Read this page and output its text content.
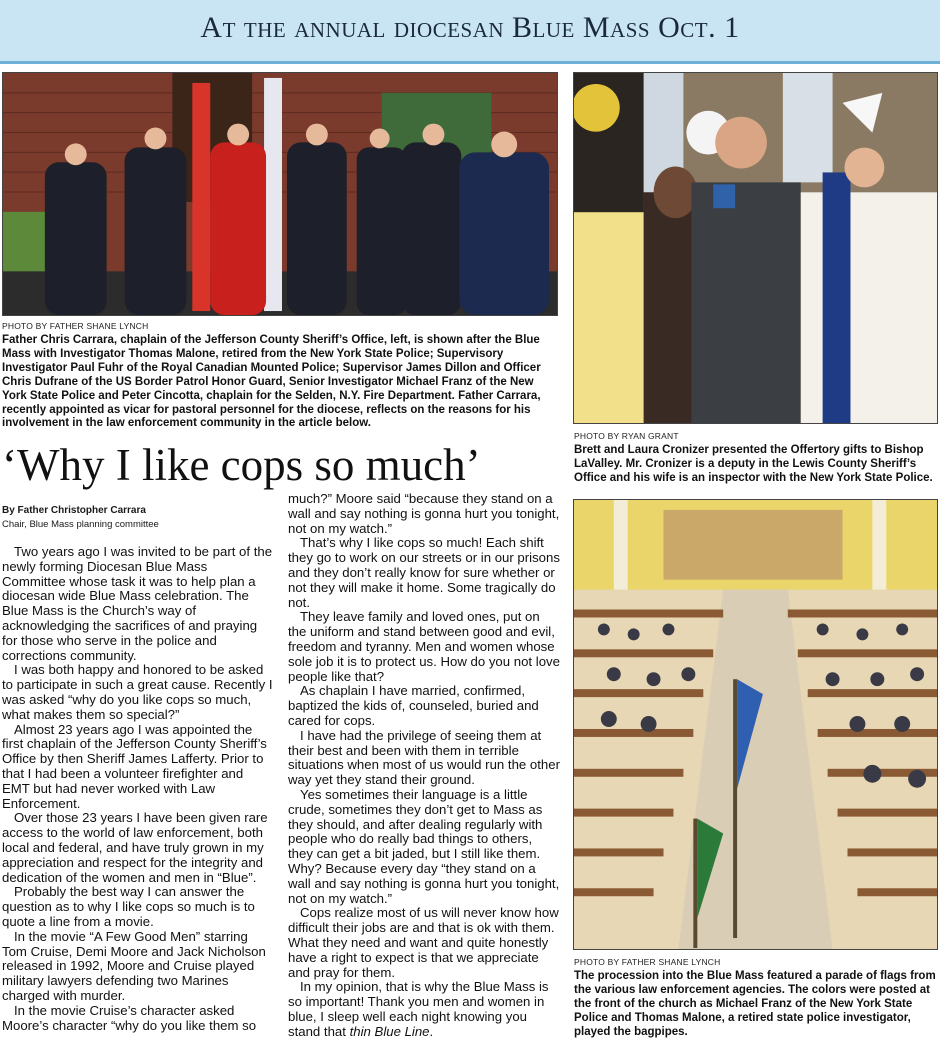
At the annual diocesan Blue Mass Oct. 1
PHOTO BY FATHER SHANE LYNCH

Father Chris Carrara, chaplain of the Jefferson County Sheriff’s Office, left, is shown after the Blue Mass with Investigator Thomas Malone, retired from the New York State Police; Supervisory Investigator Paul Fuhr of the Royal Canadian Mounted Police; Supervisor James Dillon and Officer Chris Dufrane of the US Border Patrol Honor Guard, Senior Investigator Michael Franz of the New York State Police and Peter Cincotta, chaplain for the Selden, N.Y. Fire Department. Father Carrara, recently appointed as vicar for pastoral personnel for the diocese, reflects on the reasons for his involvement in the law enforcement community in the article below.

PHOTO BY RYAN GRANT

Brett and Laura Cronizer presented the Offertory gifts to Bishop LaValley. Mr. Cronizer is a deputy in the Lewis County Sheriff’s Office and his wife is an inspector with the New York State Police.

PHOTO BY FATHER SHANE LYNCH

The procession into the Blue Mass featured a parade of flags from the various law enforcement agencies. The colors were posted at the front of the church as Michael Franz of the New York State Police and Thomas Malone, a retired state police investigator, played the bagpipes.

‘Why I like cops so much’
By Father Christopher Carrara
Chair, Blue Mass planning committee

Two years ago I was invited to be part of the newly forming Diocesan Blue Mass Committee whose task it was to help plan a diocesan wide Blue Mass celebration. The Blue Mass is the Church’s way of acknowledging the sacrifices of and praying for those who serve in the police and corrections community.

I was both happy and honored to be asked to participate in such a great cause. Recently I was asked “why do you like cops so much, what makes them so special?”

Almost 23 years ago I was appointed the first chaplain of the Jefferson County Sheriff’s Office by then Sheriff James Lafferty. Prior to that I had been a volunteer firefighter and EMT but had never worked with Law Enforcement.

Over those 23 years I have been given rare access to the world of law enforcement, both local and federal, and have truly grown in my appreciation and respect for the integrity and dedication of the women and men in “Blue”.

Probably the best way I can answer the question as to why I like cops so much is to quote a line from a movie.

In the movie “A Few Good Men” starring Tom Cruise, Demi Moore and Jack Nicholson released in 1992, Moore and Cruise played military lawyers defending two Marines charged with murder.

In the movie Cruise’s character asked Moore’s character “why do you like them so

much?” Moore said “because they stand on a wall and say nothing is gonna hurt you tonight, not on my watch.”

That’s why I like cops so much! Each shift they go to work on our streets or in our prisons and they don’t really know for sure whether or not they will make it home. Some tragically do not.

They leave family and loved ones, put on the uniform and stand between good and evil, freedom and tyranny. Men and women whose sole job it is to protect us. How do you not love people like that?

As chaplain I have married, confirmed, baptized the kids of, counseled, buried and cared for cops.

I have had the privilege of seeing them at their best and been with them in terrible situations when most of us would run the other way yet they stand their ground.

Yes sometimes their language is a little crude, sometimes they don’t get to Mass as they should, and after dealing regularly with people who do really bad things to others, they can get a bit jaded, but I still like them. Why? Because every day “they stand on a wall and say nothing is gonna hurt you tonight, not on my watch.”

Cops realize most of us will never know how difficult their jobs are and that is ok with them. What they need and want and quite honestly have a right to expect is that we appreciate and pray for them.

In my opinion, that is why the Blue Mass is so important! Thank you men and women in blue, I sleep well each night knowing you stand that thin Blue Line.
